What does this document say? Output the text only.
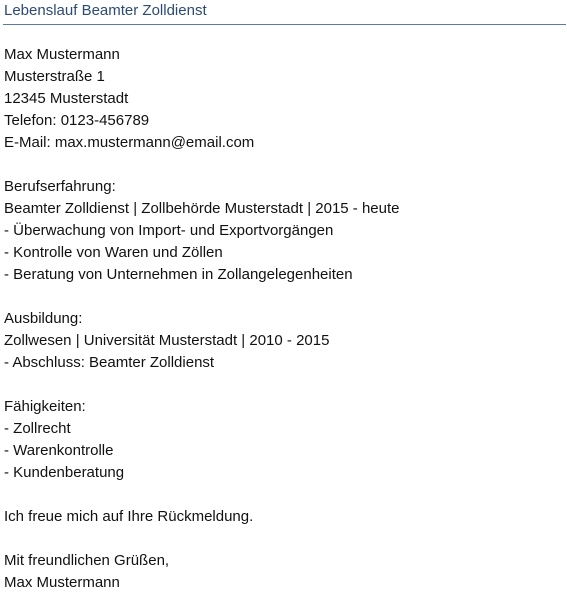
Lebenslauf Beamter Zolldienst
Max Mustermann
Musterstraße 1
12345 Musterstadt
Telefon: 0123-456789
E-Mail: max.mustermann@email.com
Berufserfahrung:
Beamter Zolldienst | Zollbehörde Musterstadt | 2015 - heute
- Überwachung von Import- und Exportvorgängen
- Kontrolle von Waren und Zöllen
- Beratung von Unternehmen in Zollangelegenheiten
Ausbildung:
Zollwesen | Universität Musterstadt | 2010 - 2015
- Abschluss: Beamter Zolldienst
Fähigkeiten:
- Zollrecht
- Warenkontrolle
- Kundenberatung
Ich freue mich auf Ihre Rückmeldung.
Mit freundlichen Grüßen,
Max Mustermann
